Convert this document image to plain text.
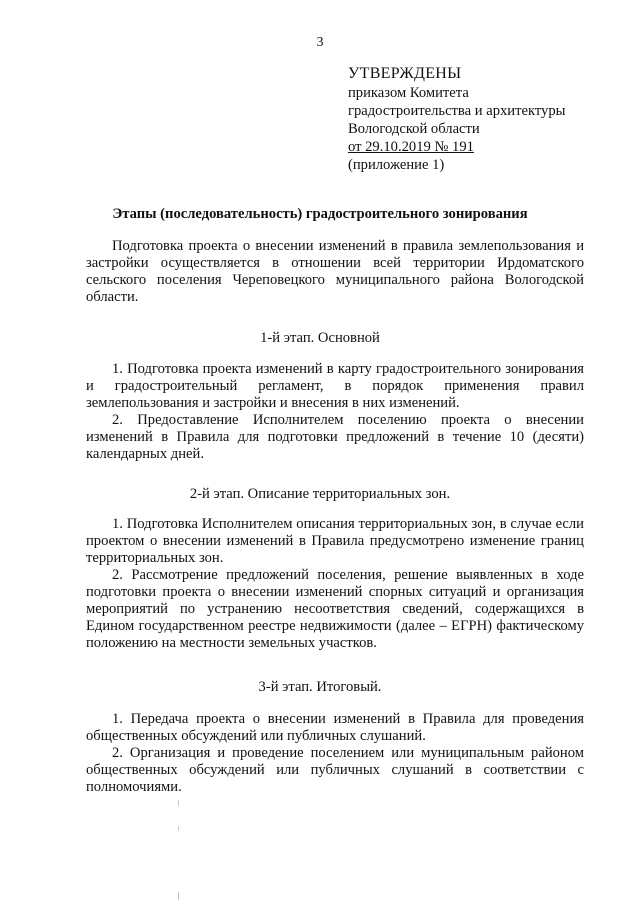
3
УТВЕРЖДЕНЫ
приказом Комитета
градостроительства и архитектуры
Вологодской области
от 29.10.2019 № 191
(приложение 1)
Этапы (последовательность) градостроительного зонирования

Подготовка проекта о внесении изменений в правила землепользования и застройки осуществляется в отношении всей территории Ирдоматского сельского поселения Череповецкого муниципального района Вологодской области.

1-й этап. Основной

1. Подготовка проекта изменений в карту градостроительного зонирования и градостроительный регламент, в порядок применения правил землепользования и застройки и внесения в них изменений.

2. Предоставление Исполнителем поселению проекта о внесении изменений в Правила для подготовки предложений в течение 10 (десяти) календарных дней.

2-й этап. Описание территориальных зон.

1. Подготовка Исполнителем описания территориальных зон, в случае если проектом о внесении изменений в Правила предусмотрено изменение границ территориальных зон.

2. Рассмотрение предложений поселения, решение выявленных в ходе подготовки проекта о внесении изменений спорных ситуаций и организация мероприятий по устранению несоответствия сведений, содержащихся в Едином государственном реестре недвижимости (далее – ЕГРН) фактическому положению на местности земельных участков.

3-й этап. Итоговый.

1. Передача проекта о внесении изменений в Правила для проведения общественных обсуждений или публичных слушаний.

2. Организация и проведение поселением или муниципальным районом общественных обсуждений или публичных слушаний в соответствии с полномочиями.
